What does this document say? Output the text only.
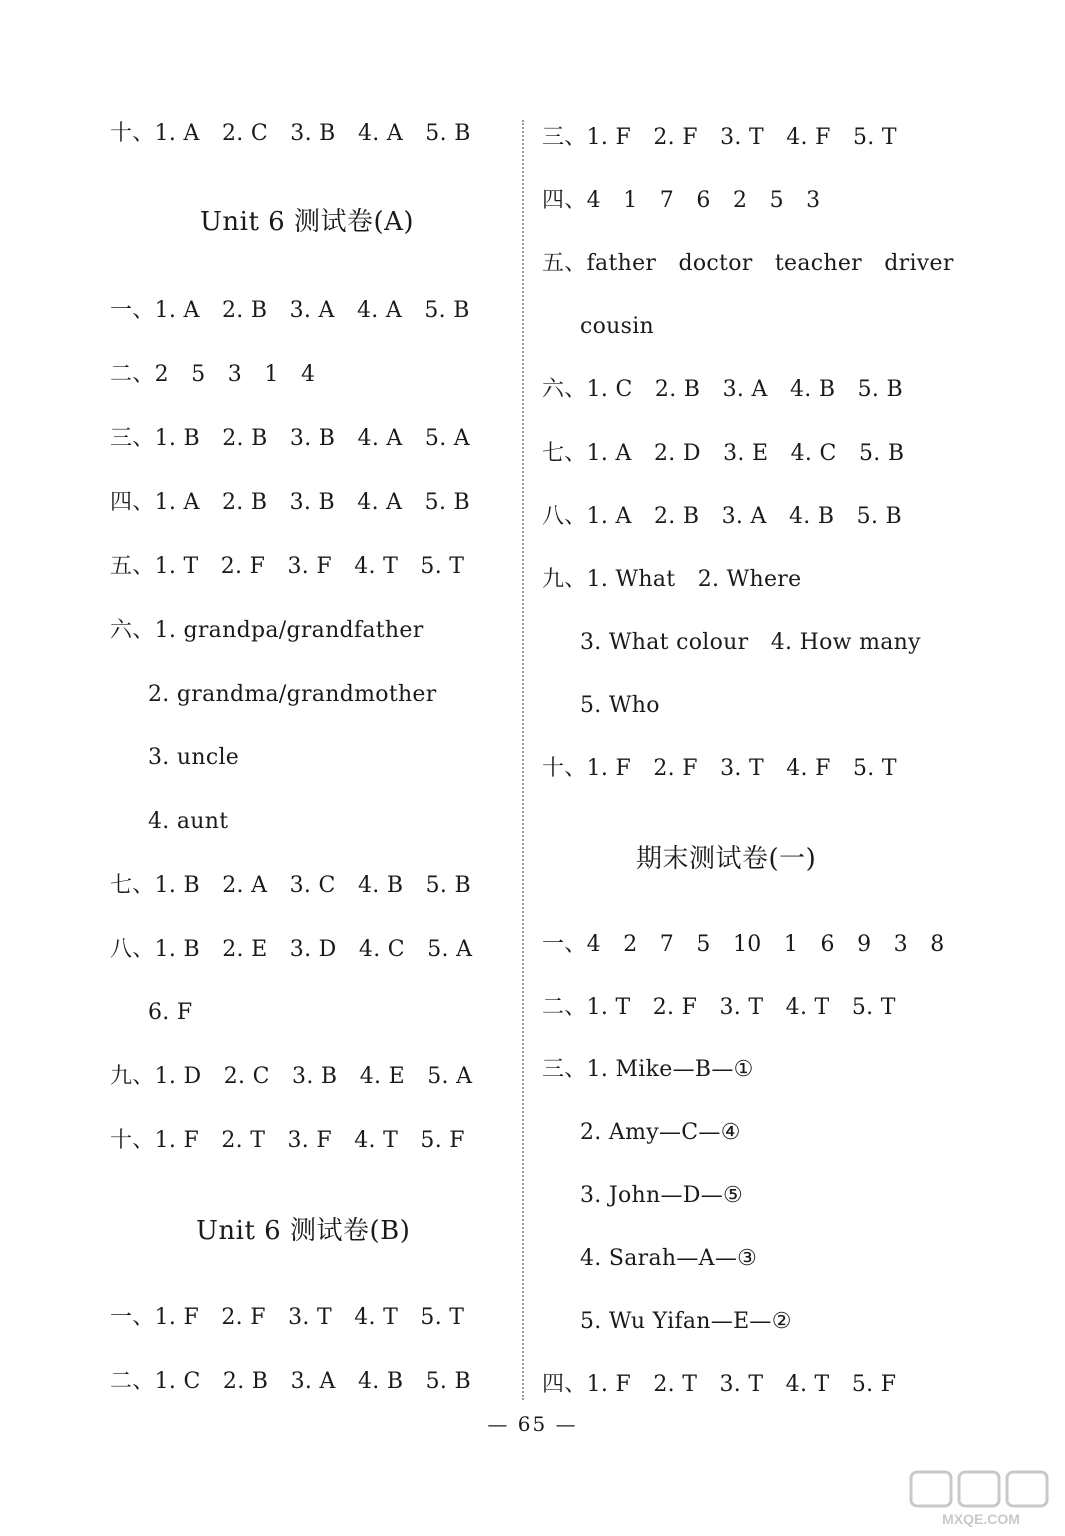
十、1. A　2. C　3. B　4. A　5. B
Unit 6 测试卷(A)
一、1. A　2. B　3. A　4. A　5. B
二、2　5　3　1　4
三、1. B　2. B　3. B　4. A　5. A
四、1. A　2. B　3. B　4. A　5. B
五、1. T　2. F　3. F　4. T　5. T
六、1. grandpa/grandfather
2. grandma/grandmother
3. uncle
4. aunt
七、1. B　2. A　3. C　4. B　5. B
八、1. B　2. E　3. D　4. C　5. A
6. F
九、1. D　2. C　3. B　4. E　5. A
十、1. F　2. T　3. F　4. T　5. F
Unit 6 测试卷(B)
一、1. F　2. F　3. T　4. T　5. T
二、1. C　2. B　3. A　4. B　5. B
三、1. F　2. F　3. T　4. F　5. T
四、4　1　7　6　2　5　3
五、father　doctor　teacher　driver
cousin
六、1. C　2. B　3. A　4. B　5. B
七、1. A　2. D　3. E　4. C　5. B
八、1. A　2. B　3. A　4. B　5. B
九、1. What　2. Where
3. What colour　4. How many
5. Who
十、1. F　2. F　3. T　4. F　5. T
期末测试卷(一)
一、4　2　7　5　10　1　6　9　3　8
二、1. T　2. F　3. T　4. T　5. T
三、1. Mike—B—①
2. Amy—C—④
3. John—D—⑤
4. Sarah—A—③
5. Wu Yifan—E—②
四、1. F　2. T　3. T　4. T　5. F
— 65 —
MXQE.COM
